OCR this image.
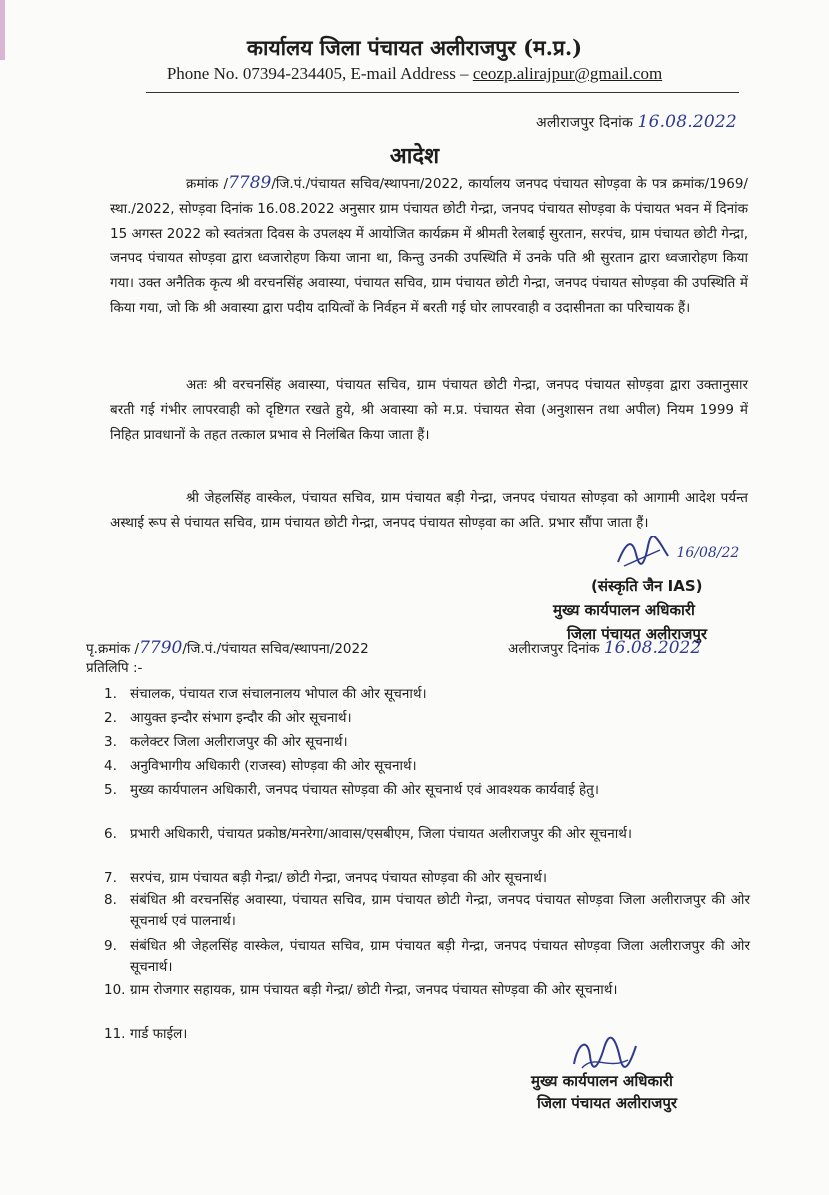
कार्यालय जिला पंचायत अलीराजपुर (म.प्र.)
Phone No. 07394-234405, E-mail Address – ceozp.alirajpur@gmail.com
अलीराजपुर दिनांक 16.08.2022
आदेश
क्रमांक /7789/जि.पं./पंचायत सचिव/स्थापना/2022, कार्यालय जनपद पंचायत सोण्ड़वा के पत्र क्रमांक/1969/स्था./2022, सोण्ड़वा दिनांक 16.08.2022 अनुसार ग्राम पंचायत छोटी गेन्द्रा, जनपद पंचायत सोण्ड़वा के पंचायत भवन में दिनांक 15 अगस्त 2022 को स्वतंत्रता दिवस के उपलक्ष्य में आयोजित कार्यक्रम में श्रीमती रेलबाई सुरतान, सरपंच, ग्राम पंचायत छोटी गेन्द्रा, जनपद पंचायत सोण्ड़वा द्वारा ध्वजारोहण किया जाना था, किन्तु उनकी उपस्थिति में उनके पति श्री सुरतान द्वारा ध्वजारोहण किया गया। उक्त अनैतिक कृत्य श्री वरचनसिंह अवास्या, पंचायत सचिव, ग्राम पंचायत छोटी गेन्द्रा, जनपद पंचायत सोण्ड़वा की उपस्थिति में किया गया, जो कि श्री अवास्या द्वारा पदीय दायित्वों के निर्वहन में बरती गई घोर लापरवाही व उदासीनता का परिचायक हैं।
अतः श्री वरचनसिंह अवास्या, पंचायत सचिव, ग्राम पंचायत छोटी गेन्द्रा, जनपद पंचायत सोण्ड़वा द्वारा उक्तानुसार बरती गई गंभीर लापरवाही को दृष्टिगत रखते हुये, श्री अवास्या को म.प्र. पंचायत सेवा (अनुशासन तथा अपील) नियम 1999 में निहित प्रावधानों के तहत तत्काल प्रभाव से निलंबित किया जाता हैं।
श्री जेहलसिंह वास्केल, पंचायत सचिव, ग्राम पंचायत बड़ी गेन्द्रा, जनपद पंचायत सोण्ड़वा को आगामी आदेश पर्यन्त अस्थाई रूप से पंचायत सचिव, ग्राम पंचायत छोटी गेन्द्रा, जनपद पंचायत सोण्ड़वा का अति. प्रभार सौंपा जाता हैं।
16/08/22
(संस्कृति जैन IAS)
मुख्य कार्यपालन अधिकारी
जिला पंचायत अलीराजपुर
पृ.क्रमांक /7790/जि.पं./पंचायत सचिव/स्थापना/2022	अलीराजपुर दिनांक 16.08.2022
प्रतिलिपि :-
1. संचालक, पंचायत राज संचालनालय भोपाल की ओर सूचनार्थ।
2. आयुक्त इन्दौर संभाग इन्दौर की ओर सूचनार्थ।
3. कलेक्टर जिला अलीराजपुर की ओर सूचनार्थ।
4. अनुविभागीय अधिकारी (राजस्व) सोण्ड़वा की ओर सूचनार्थ।
5. मुख्य कार्यपालन अधिकारी, जनपद पंचायत सोण्ड़वा की ओर सूचनार्थ एवं आवश्यक कार्यवाई हेतु।
6. प्रभारी अधिकारी, पंचायत प्रकोष्ठ/मनरेगा/आवास/एसबीएम, जिला पंचायत अलीराजपुर की ओर सूचनार्थ।
7. सरपंच, ग्राम पंचायत बड़ी गेन्द्रा/ छोटी गेन्द्रा, जनपद पंचायत सोण्ड़वा की ओर सूचनार्थ।
8. संबंधित श्री वरचनसिंह अवास्या, पंचायत सचिव, ग्राम पंचायत छोटी गेन्द्रा, जनपद पंचायत सोण्ड़वा जिला अलीराजपुर की ओर सूचनार्थ एवं पालनार्थ।
9. संबंधित श्री जेहलसिंह वास्केल, पंचायत सचिव, ग्राम पंचायत बड़ी गेन्द्रा, जनपद पंचायत सोण्ड़वा जिला अलीराजपुर की ओर सूचनार्थ।
10. ग्राम रोजगार सहायक, ग्राम पंचायत बड़ी गेन्द्रा/ छोटी गेन्द्रा, जनपद पंचायत सोण्ड़वा की ओर सूचनार्थ।
11. गार्ड फाईल।
मुख्य कार्यपालन अधिकारी
जिला पंचायत अलीराजपुर
